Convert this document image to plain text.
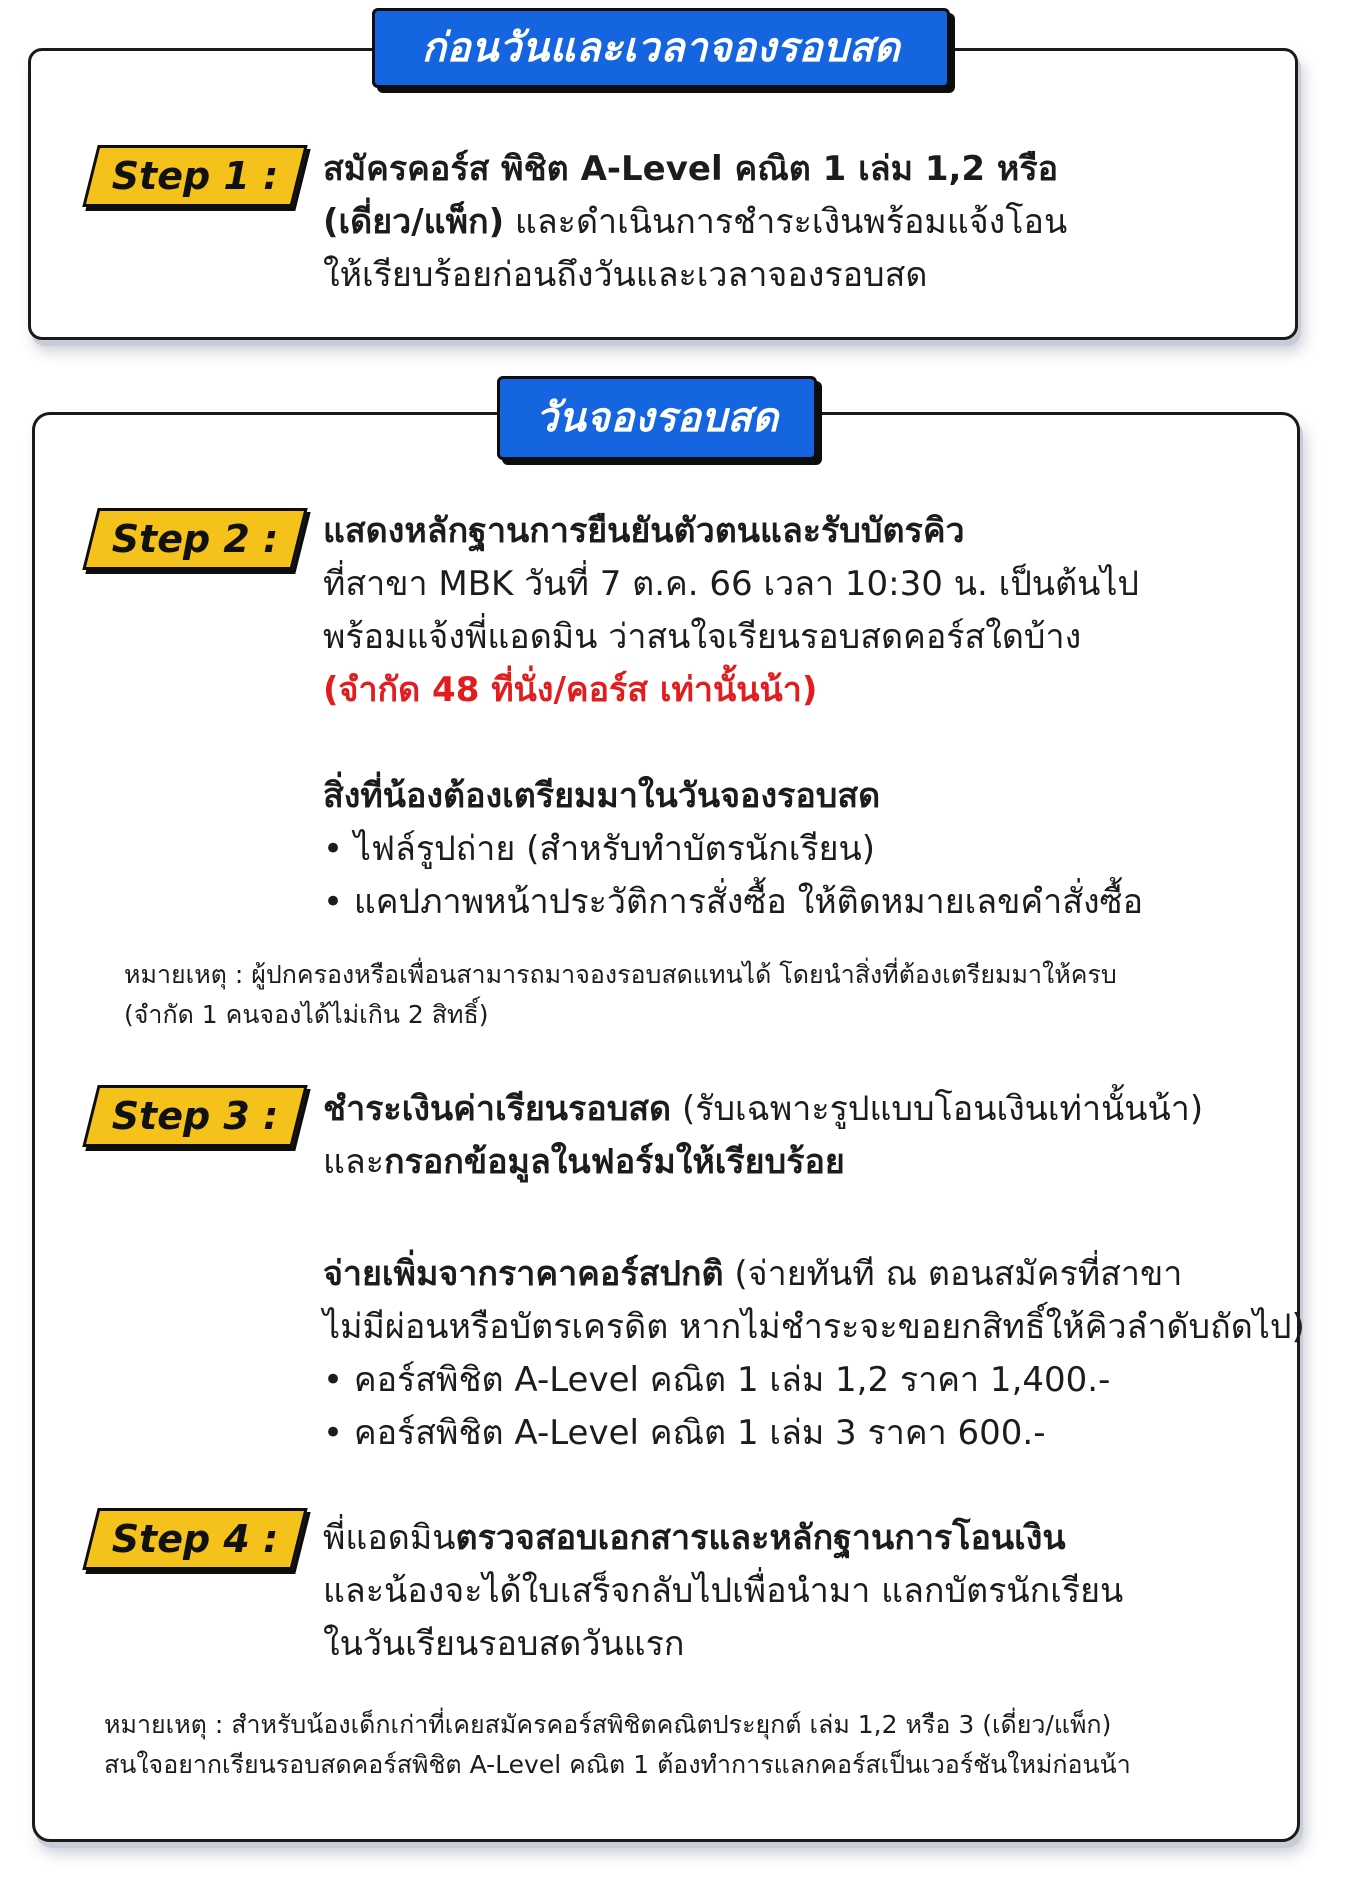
ก่อนวันและเวลาจองรอบสด
Step 1 :	สมัครคอร์ส พิชิต A-Level คณิต 1 เล่ม 1,2 หรือ

(เดี่ยว/แพ็ก) และดำเนินการชำระเงินพร้อมแจ้งโอน

ให้เรียบร้อยก่อนถึงวันและเวลาจองรอบสด

วันจองรอบสด
Step 2 :	แสดงหลักฐานการยืนยันตัวตนและรับบัตรคิว

ที่สาขา MBK วันที่ 7 ต.ค. 66 เวลา 10:30 น. เป็นต้นไป

พร้อมแจ้งพี่แอดมิน ว่าสนใจเรียนรอบสดคอร์สใดบ้าง

(จำกัด 48 ที่นั่ง/คอร์ส เท่านั้นน้า)

สิ่งที่น้องต้องเตรียมมาในวันจองรอบสด

• ไฟล์รูปถ่าย (สำหรับทำบัตรนักเรียน)

• แคปภาพหน้าประวัติการสั่งซื้อ ให้ติดหมายเลขคำสั่งซื้อ

หมายเหตุ : ผู้ปกครองหรือเพื่อนสามารถมาจองรอบสดแทนได้ โดยนำสิ่งที่ต้องเตรียมมาให้ครบ
(จำกัด 1 คนจองได้ไม่เกิน 2 สิทธิ์)
Step 3 :	ชำระเงินค่าเรียนรอบสด (รับเฉพาะรูปแบบโอนเงินเท่านั้นน้า)

และกรอกข้อมูลในฟอร์มให้เรียบร้อย

จ่ายเพิ่มจากราคาคอร์สปกติ (จ่ายทันที ณ ตอนสมัครที่สาขา

ไม่มีผ่อนหรือบัตรเครดิต หากไม่ชำระจะขอยกสิทธิ์ให้คิวลำดับถัดไป)

• คอร์สพิชิต A-Level คณิต 1 เล่ม 1,2 ราคา 1,400.-

• คอร์สพิชิต A-Level คณิต 1 เล่ม 3 ราคา 600.-

Step 4 :	พี่แอดมินตรวจสอบเอกสารและหลักฐานการโอนเงิน

และน้องจะได้ใบเสร็จกลับไปเพื่อนำมา แลกบัตรนักเรียน

ในวันเรียนรอบสดวันแรก

หมายเหตุ : สำหรับน้องเด็กเก่าที่เคยสมัครคอร์สพิชิตคณิตประยุกต์ เล่ม 1,2 หรือ 3 (เดี่ยว/แพ็ก)
สนใจอยากเรียนรอบสดคอร์สพิชิต A-Level คณิต 1 ต้องทำการแลกคอร์สเป็นเวอร์ชันใหม่ก่อนน้า
